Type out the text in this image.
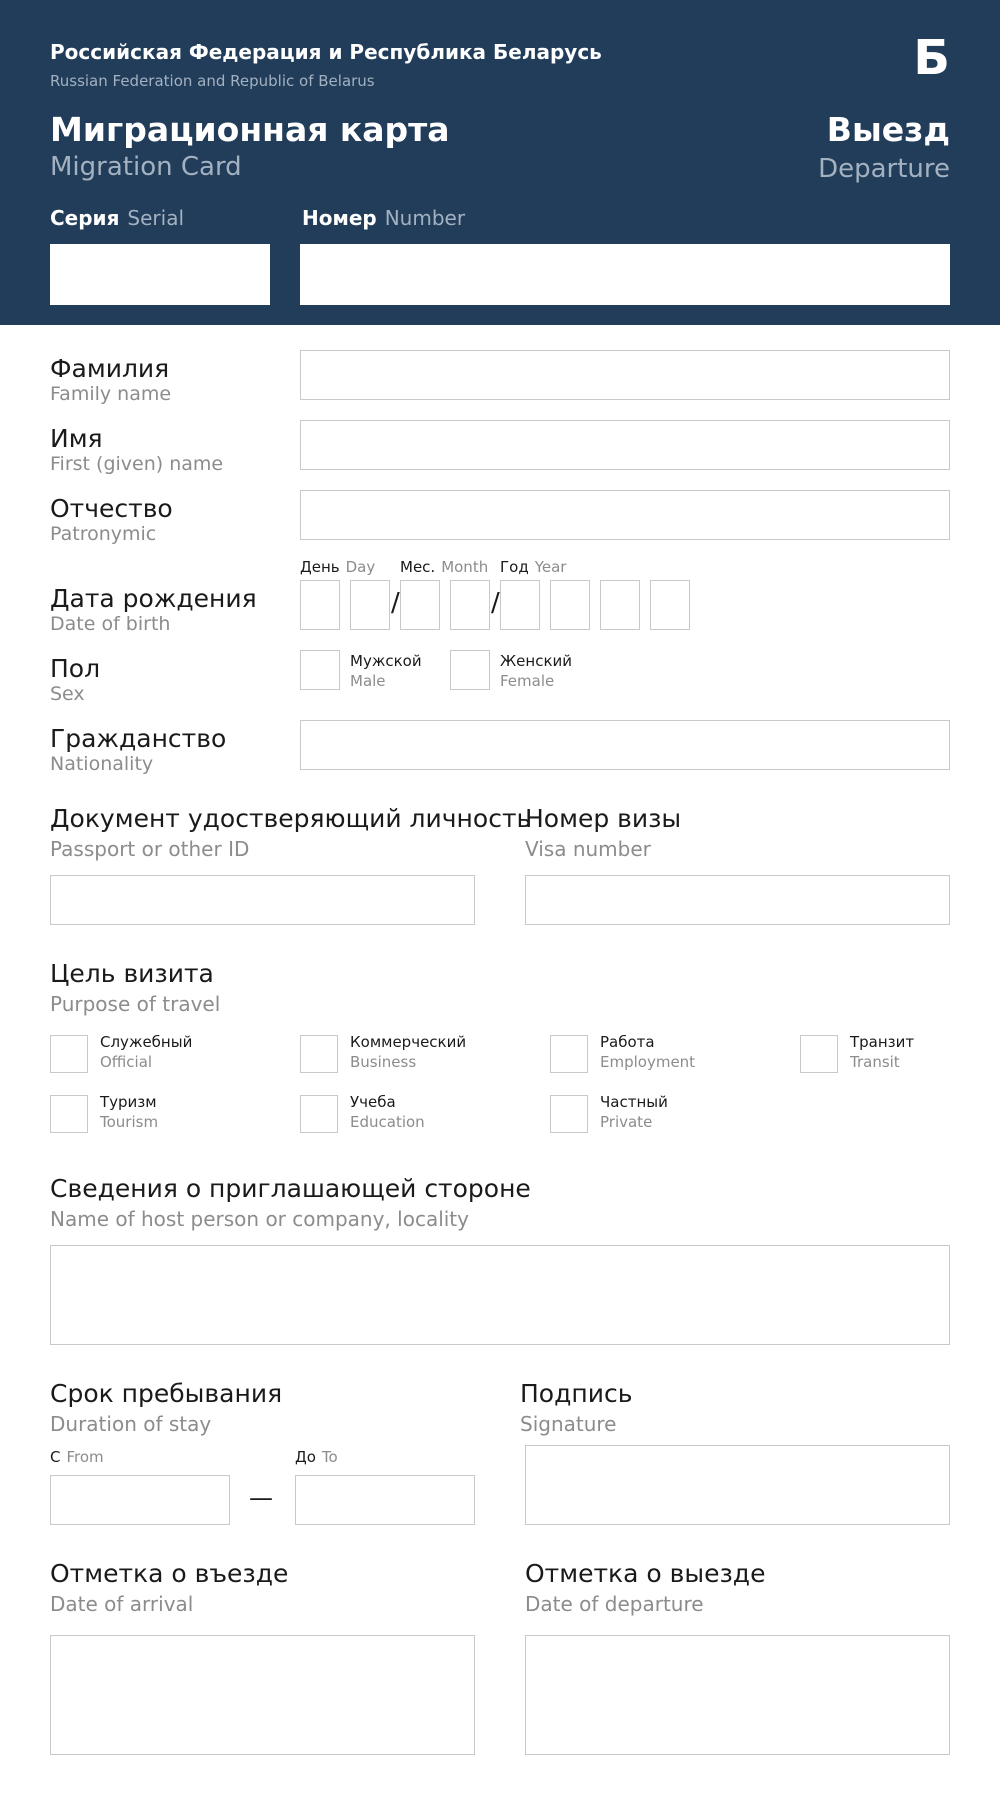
Российская Федерация и Республика Беларусь
Russian Federation and Republic of Belarus	Б
Миграционная карта
Migration Card
Выезд
Departure
Серия Serial	Номер Number
Фамилия
Family name
Имя
First (given) name
Отчество
Patronymic
День Day Мес. Month Год Year
Дата рождения
Date of birth
/	/
Пол
Sex
Мужской
Male
Женский
Female
Гражданство
Nationality
Документ удостверяющий личность
Passport or other ID
Номер визы
Visa number
Цель визита
Purpose of travel
Служебный
Official
Коммерческий
Business
Работа
Employment
Транзит
Transit
Туризм
Tourism
Учеба
Education
Частный
Private
Сведения о приглашающей стороне
Name of host person or company, locality
Срок пребывания
Duration of stay
С From	До To
—
Подпись
Signature
Отметка о въезде
Date of arrival
Отметка о выезде
Date of departure
